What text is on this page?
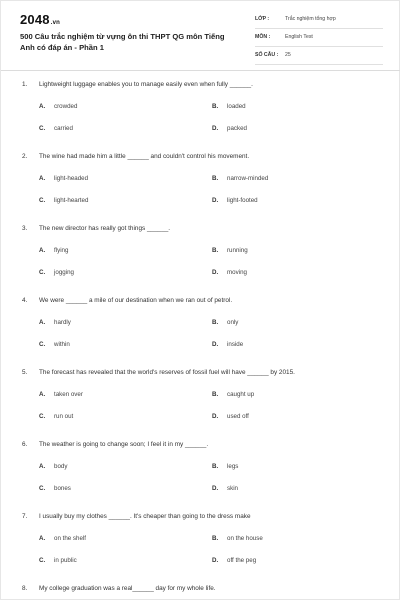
2048.vn
500 Câu trắc nghiệm từ vựng ôn thi THPT QG môn Tiếng Anh có đáp án - Phần 1
LỚP :	Trắc nghiệm tổng hợp
MÔN :	English Test
SỐ CÂU : 25
1. Lightweight luggage enables you to manage easily even when fully ______.
A. crowded	B. loaded
C. carried	D. packed
2. The wine had made him a little ______ and couldn't control his movement.
A. light-headed	B. narrow-minded
C. light-hearted	D. light-footed
3. The new director has really got things ______.
A. flying	B. running
C. jogging	D. moving
4. We were ______ a mile of our destination when we ran out of petrol.
A. hardly	B. only
C. within	D. inside
5. The forecast has revealed that the world's reserves of fossil fuel will have ______ by 2015.
A. taken over	B. caught up
C. run out	D. used off
6. The weather is going to change soon; I feel it in my ______.
A. body	B. legs
C. bones	D. skin
7. I usually buy my clothes ______. It's cheaper than going to the dress make
A. on the shelf	B. on the house
C. in public	D. off the peg
8. My college graduation was a real______ day for my whole life.
